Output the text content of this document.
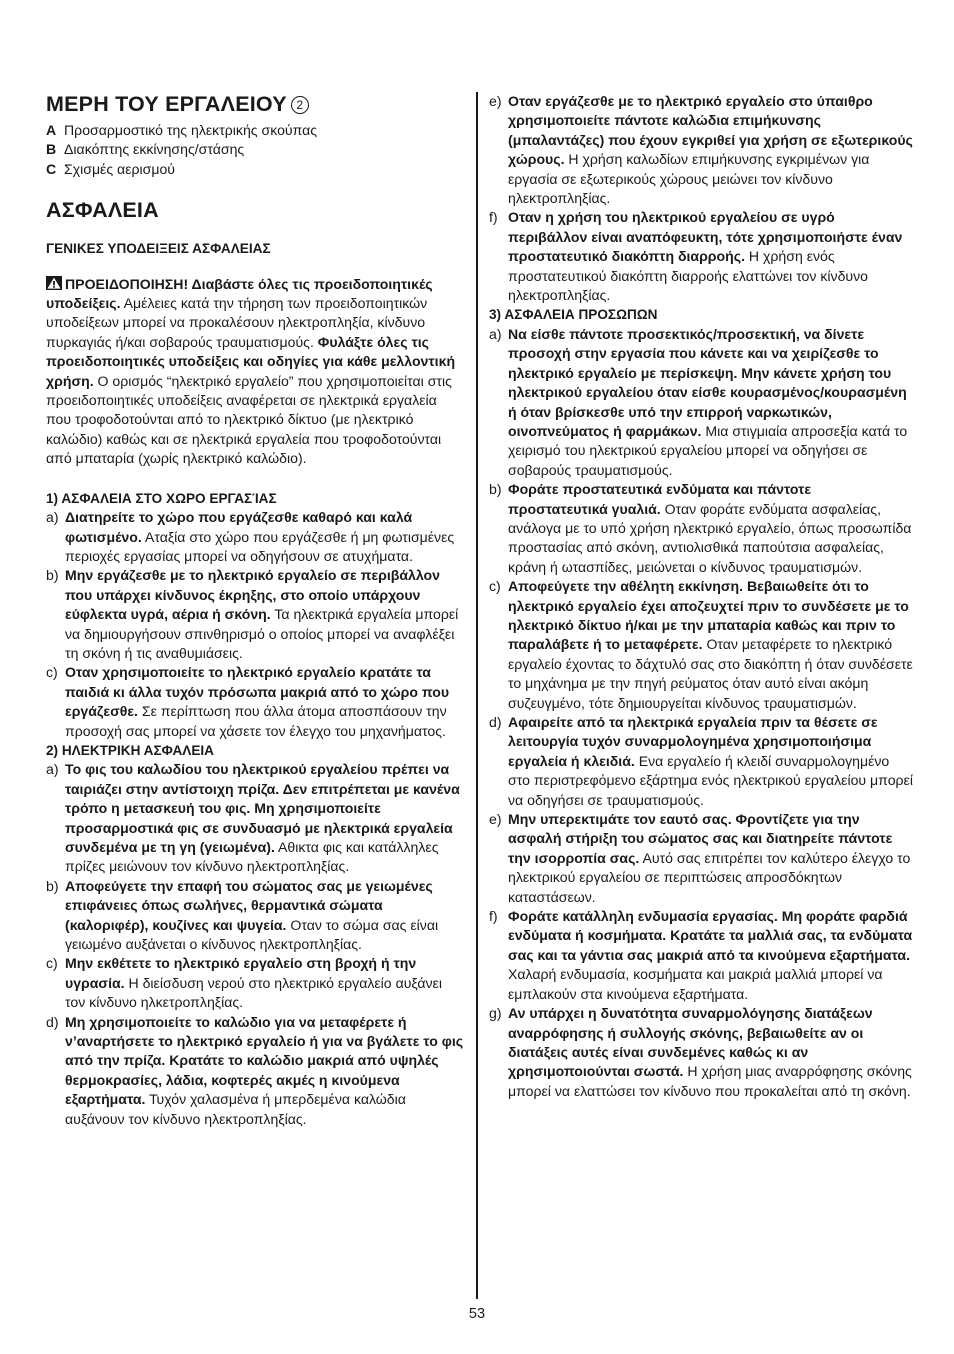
ΜΕΡΗ ΤΟΥ ΕΡΓΑΛΕΙΟΥ 2
A Προσαρμοστικό της ηλεκτρικής σκούπας
B Διακόπτης εκκίνησης/στάσης
C Σχισμές αερισμού
ΑΣΦΑΛΕΙΑ

ΓΕΝΙΚΕΣ ΥΠΟΔΕΙΞΕΙΣ ΑΣΦΑΛΕΙΑΣ

ΠΡΟΕΙΔΟΠΟΙΗΣΗ! Διαβάστε όλες τις προειδοποιητικές υποδείξεις. Αμέλειες κατά την τήρηση των προειδοποιητικών υποδείξεων μπορεί να προκαλέσουν ηλεκτροπληξία, κίνδυνο πυρκαγιάς ή/και σοβαρούς τραυματισμούς. Φυλάξτε όλες τις προειδοποιητικές υποδείξεις και οδηγίες για κάθε μελλοντική χρήση. Ο ορισμός “ηλεκτρικό εργαλείο” που χρησιμοποιείται στις προειδοποιητικές υποδείξεις αναφέρεται σε ηλεκτρικά εργαλεία που τροφοδοτούνται από το ηλεκτρικό δίκτυο (με ηλεκτρικό καλώδιο) καθώς και σε ηλεκτρικά εργαλεία που τροφοδοτούνται από μπαταρία (χωρίς ηλεκτρικό καλώδιο).

1) ΑΣΦΑΛΕΙΑ ΣΤΟ ΧΩΡΟ ΕΡΓΑΣΊΑΣ

a) Διατηρείτε το χώρο που εργάζεσθε καθαρό και καλά φωτισμένο. Αταξία στο χώρο που εργάζεσθε ή μη φωτισμένες περιοχές εργασίας μπορεί να οδηγήσουν σε ατυχήματα.
b) Μην εργάζεσθε με το ηλεκτρικό εργαλείο σε περιβάλλον που υπάρχει κίνδυνος έκρηξης, στο οποίο υπάρχουν εύφλεκτα υγρά, αέρια ή σκόνη. Τα ηλεκτρικά εργαλεία μπορεί να δημιουργήσουν σπινθηρισμό ο οποίος μπορεί να αναφλέξει τη σκόνη ή τις αναθυμιάσεις.
c) Οταν χρησιμοποιείτε το ηλεκτρικό εργαλείο κρατάτε τα παιδιά κι άλλα τυχόν πρόσωπα μακριά από το χώρο που εργάζεσθε. Σε περίπτωση που άλλα άτομα αποσπάσουν την προσοχή σας μπορεί να χάσετε τον έλεγχο του μηχανήματος.

2) ΗΛΕΚΤΡΙΚΗ ΑΣΦΑΛΕΙΑ

a) Το φις του καλωδίου του ηλεκτρικού εργαλείου πρέπει να ταιριάζει στην αντίστοιχη πρίζα. Δεν επιτρέπεται με κανένα τρόπο η μετασκευή του φις. Μη χρησιμοποιείτε προσαρμοστικά φις σε συνδυασμό με ηλεκτρικά εργαλεία συνδεμένα με τη γη (γειωμένα). Αθικτα φις και κατάλληλες πρίζες μειώνουν τον κίνδυνο ηλεκτροπληξίας.
b) Αποφεύγετε την επαφή του σώματος σας με γειωμένες επιφάνειες όπως σωλήνες, θερμαντικά σώματα (καλοριφέρ), κουζίνες και ψυγεία. Οταν το σώμα σας είναι γειωμένο αυξάνεται ο κίνδυνος ηλεκτροπληξίας.
c) Μην εκθέτετε το ηλεκτρικό εργαλείο στη βροχή ή την υγρασία. Η διείσδυση νερού στο ηλεκτρικό εργαλείο αυξάνει τον κίνδυνο ηλκετροπληξίας.
d) Μη χρησιμοποιείτε το καλώδιο για να μεταφέρετε ή ν’αναρτήσετε το ηλεκτρικό εργαλείο ή για να βγάλετε το φις από την πρίζα. Κρατάτε το καλώδιο μακριά από υψηλές θερμοκρασίες, λάδια, κοφτερές ακμές η κινούμενα εξαρτήματα. Τυχόν χαλασμένα ή μπερδεμένα καλώδια αυξάνουν τον κίνδυνο ηλεκτροπληξίας.
e) Οταν εργάζεσθε με το ηλεκτρικό εργαλείο στο ύπαιθρο χρησιμοποιείτε πάντοτε καλώδια επιμήκυνσης (μπαλαντάζες) που έχουν εγκριθεί για χρήση σε εξωτερικούς χώρους. Η χρήση καλωδίων επιμήκυνσης εγκριμένων για εργασία σε εξωτερικούς χώρους μειώνει τον κίνδυνο ηλεκτροπληξίας.
f) Οταν η χρήση του ηλεκτρικού εργαλείου σε υγρό περιβάλλον είναι αναπόφευκτη, τότε χρησιμοποιήστε έναν προστατευτικό διακόπτη διαρροής. Η χρήση ενός προστατευτικού διακόπτη διαρροής ελαττώνει τον κίνδυνο ηλεκτροπληξίας.

3) ΑΣΦΑΛΕΙΑ ΠΡΟΣΩΠΩΝ

a) Να είσθε πάντοτε προσεκτικός/προσεκτική, να δίνετε προσοχή στην εργασία που κάνετε και να χειρίζεσθε το ηλεκτρικό εργαλείο με περίσκεψη. Μην κάνετε χρήση του ηλεκτρικού εργαλείου όταν είσθε κουρασμένος/κουρασμένη ή όταν βρίσκεσθε υπό την επιρροή ναρκωτικών, οινοπνεύματος ή φαρμάκων. Μια στιγμιαία απροσεξία κατά το χειρισμό του ηλεκτρικού εργαλείου μπορεί να οδηγήσει σε σοβαρούς τραυματισμούς.
b) Φοράτε προστατευτικά ενδύματα και πάντοτε προστατευτικά γυαλιά. Οταν φοράτε ενδύματα ασφαλείας, ανάλογα με το υπό χρήση ηλεκτρικό εργαλείο, όπως προσωπίδα προστασίας από σκόνη, αντιολισθικά παπούτσια ασφαλείας, κράνη ή ωτασπίδες, μειώνεται ο κίνδυνος τραυματισμών.
c) Αποφεύγετε την αθέλητη εκκίνηση. Βεβαιωθείτε ότι το ηλεκτρικό εργαλείο έχει αποζευχτεί πριν το συνδέσετε με το ηλεκτρικό δίκτυο ή/και με την μπαταρία καθώς και πριν το παραλάβετε ή το μεταφέρετε. Οταν μεταφέρετε το ηλεκτρικό εργαλείο έχοντας το δάχτυλό σας στο διακόπτη ή όταν συνδέσετε το μηχάνημα με την πηγή ρεύματος όταν αυτό είναι ακόμη συζευγμένο, τότε δημιουργείται κίνδυνος τραυματισμών.
d) Αφαιρείτε από τα ηλεκτρικά εργαλεία πριν τα θέσετε σε λειτουργία τυχόν συναρμολογημένα χρησιμοποιήσιμα εργαλεία ή κλειδιά. Ενα εργαλείο ή κλειδί συναρμολογημένο στο περιστρεφόμενο εξάρτημα ενός ηλεκτρικού εργαλείου μπορεί να οδηγήσει σε τραυματισμούς.
e) Μην υπερεκτιμάτε τον εαυτό σας. Φροντίζετε για την ασφαλή στήριξη του σώματος σας και διατηρείτε πάντοτε την ισορροπία σας. Αυτό σας επιτρέπει τον καλύτερο έλεγχο το ηλεκτρικού εργαλείου σε περιπτώσεις απροσδόκητων καταστάσεων.
f) Φοράτε κατάλληλη ενδυμασία εργασίας. Μη φοράτε φαρδιά ενδύματα ή κοσμήματα. Κρατάτε τα μαλλιά σας, τα ενδύματα σας και τα γάντια σας μακριά από τα κινούμενα εξαρτήματα. Χαλαρή ενδυμασία, κοσμήματα και μακριά μαλλιά μπορεί να εμπλακούν στα κινούμενα εξαρτήματα.
g) Αν υπάρχει η δυνατότητα συναρμολόγησης διατάξεων αναρρόφησης ή συλλογής σκόνης, βεβαιωθείτε αν οι διατάξεις αυτές είναι συνδεμένες καθώς κι αν χρησιμοποιούνται σωστά. Η χρήση μιας αναρρόφησης σκόνης μπορεί να ελαττώσει τον κίνδυνο που προκαλείται από τη σκόνη.
53
